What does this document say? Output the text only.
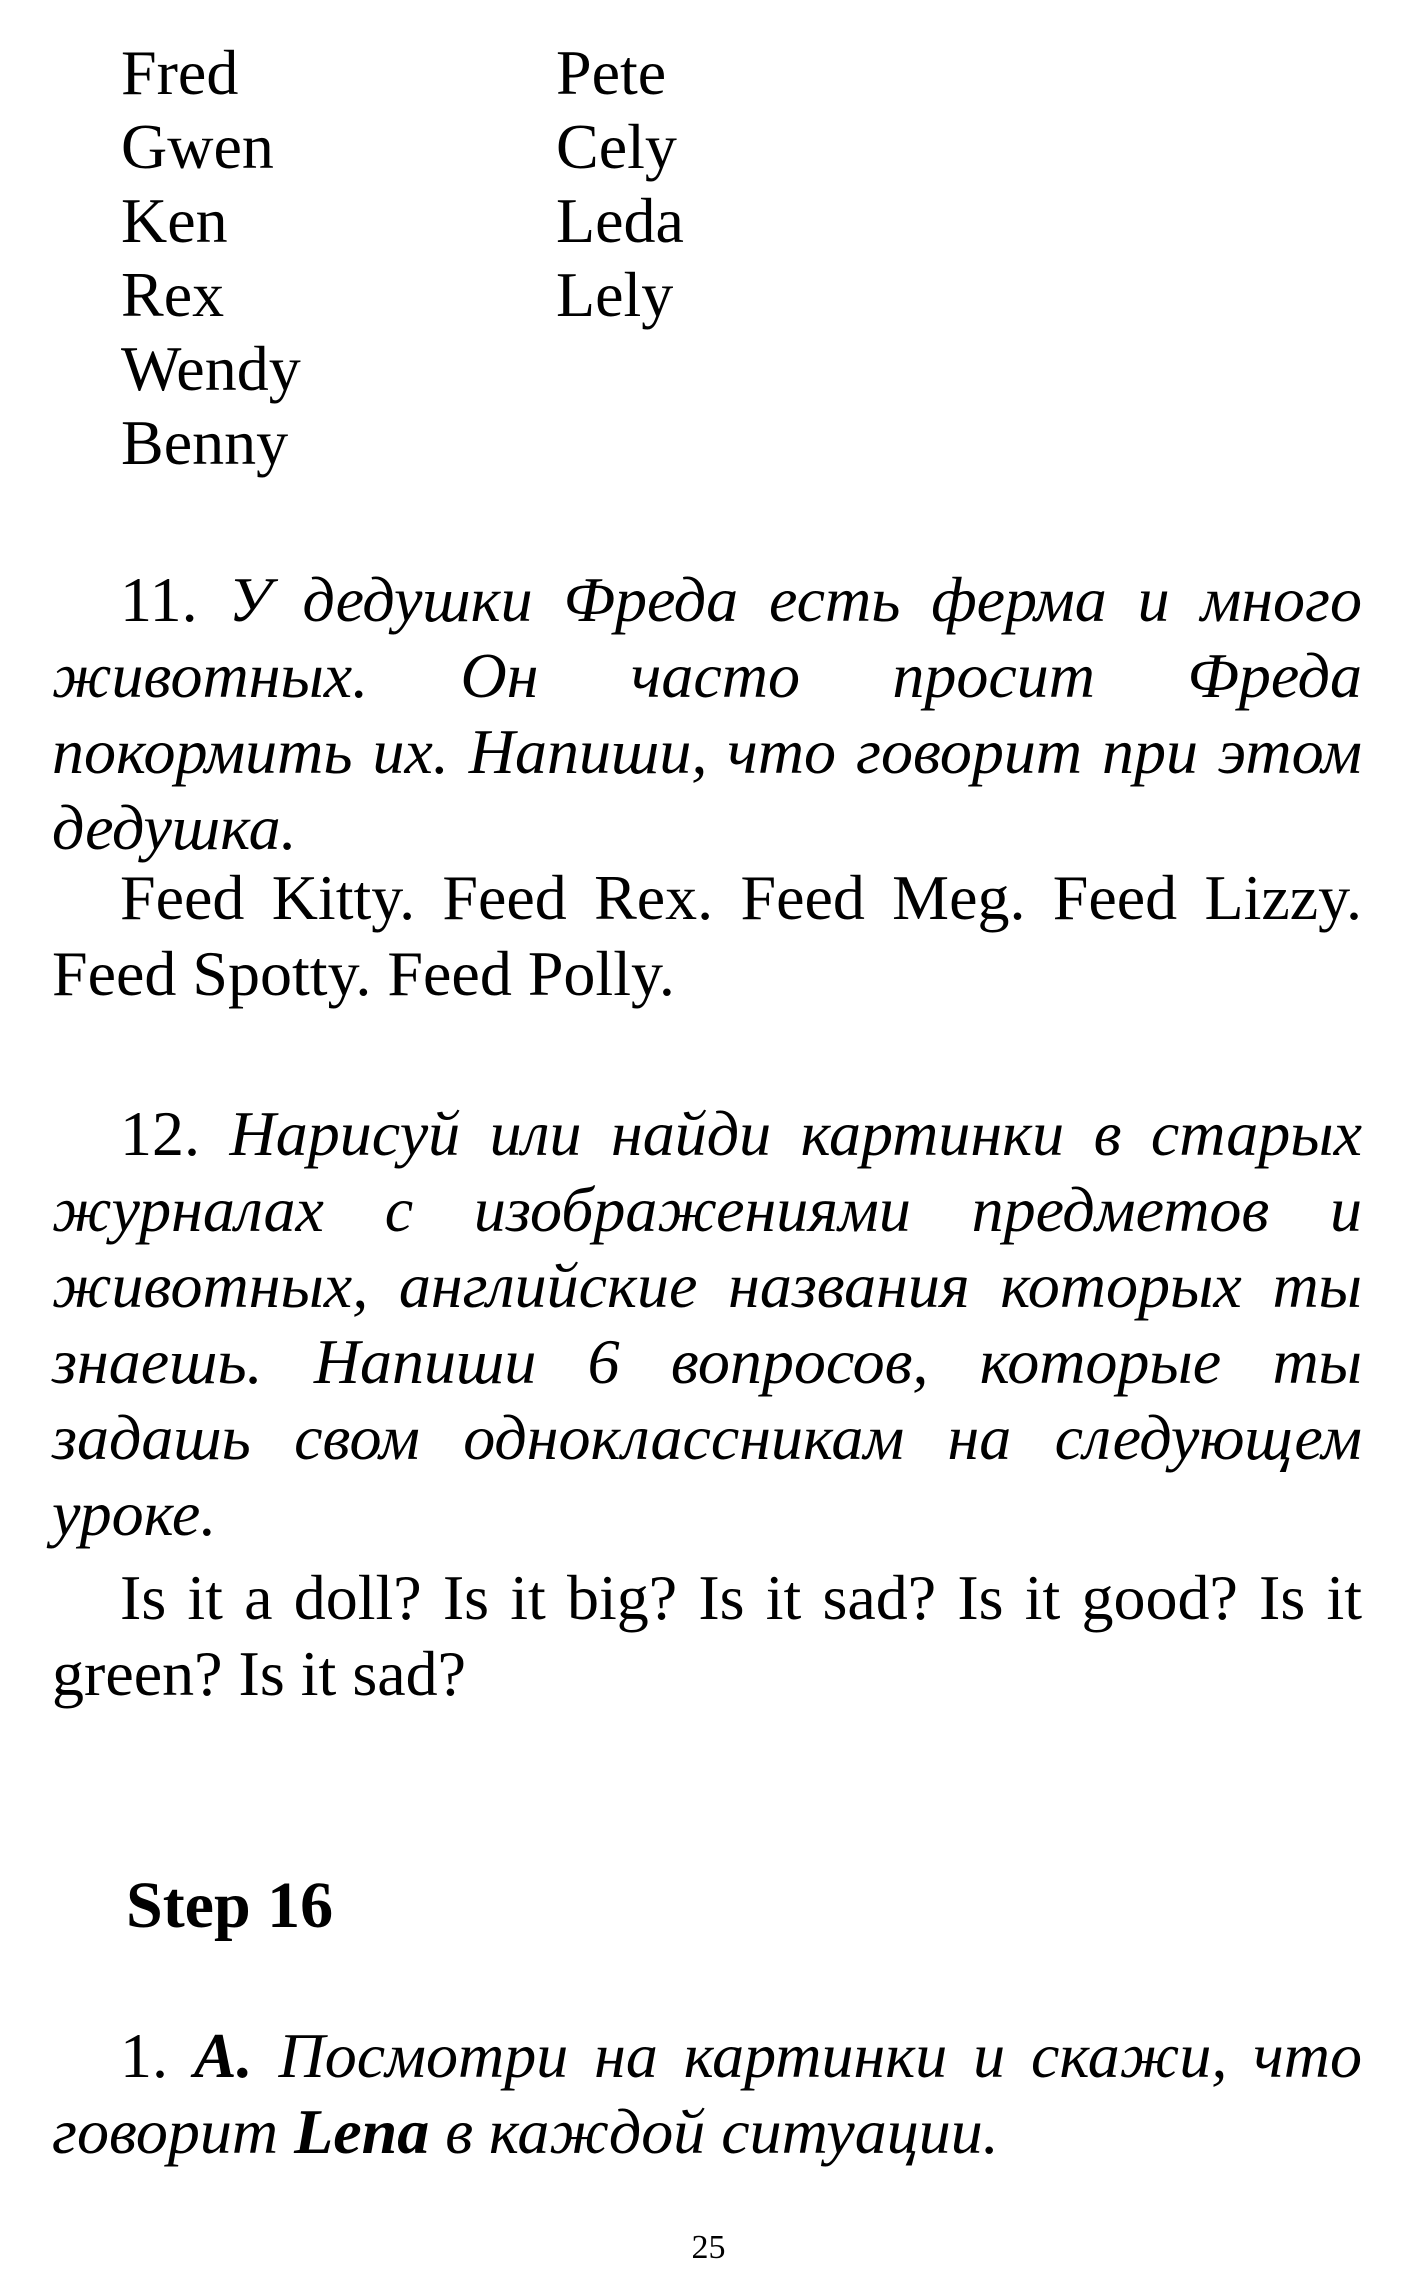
Fred
Gwen
Ken
Rex
Wendy
Benny
Pete
Cely
Leda
Lely
11. У дедушки Фреда есть ферма и много животных. Он часто просит Фреда покормить их. Напиши, что говорит при этом дедушка.
Feed Kitty. Feed Rex. Feed Meg. Feed Lizzy. Feed Spotty. Feed Polly.
12. Нарисуй или найди картинки в старых журналах с изображениями предметов и животных, английские названия которых ты знаешь. Напиши 6 вопросов, которые ты задашь свом одноклассникам на следующем уроке.
Is it a doll? Is it big? Is it sad? Is it good? Is it green? Is it sad?
Step 16
1. A. Посмотри на картинки и скажи, что говорит Lena в каждой ситуации.
25
